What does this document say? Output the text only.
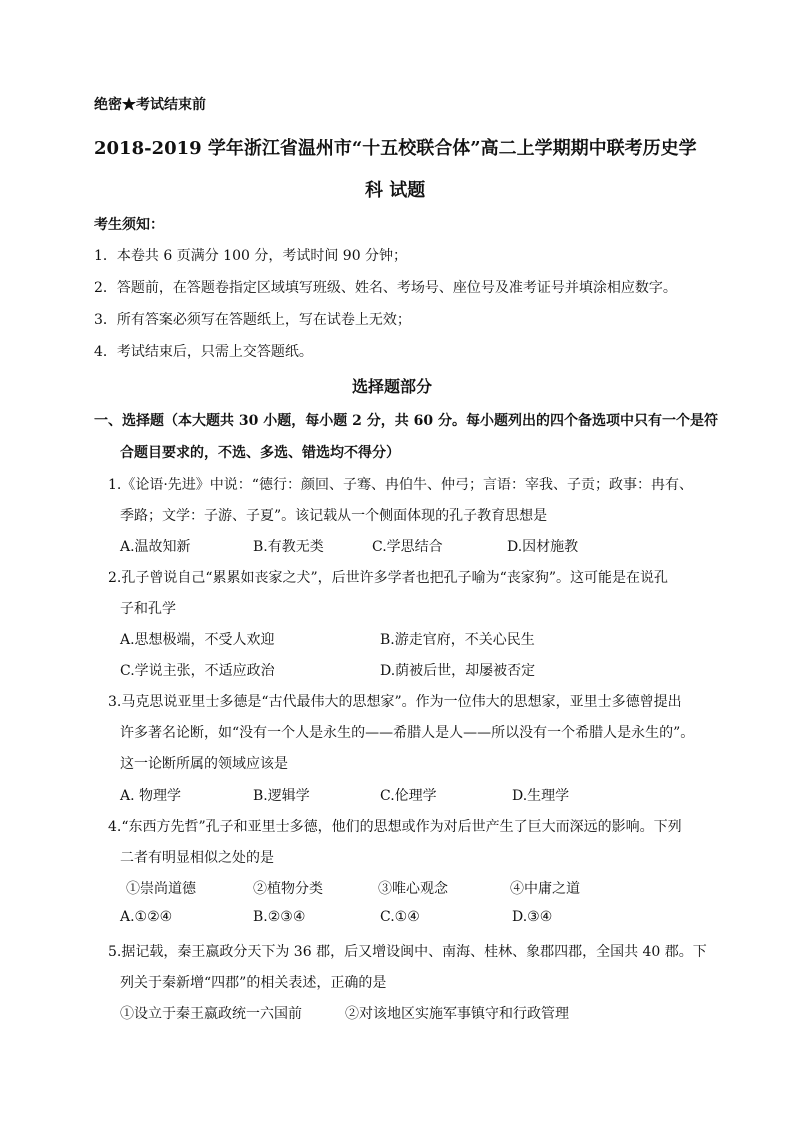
绝密★考试结束前
2018-2019 学年浙江省温州市“十五校联合体”高二上学期期中联考历史学
科 试题
考生须知：
1．本卷共 6 页满分 100 分，考试时间 90 分钟；
2．答题前，在答题卷指定区域填写班级、姓名、考场号、座位号及准考证号并填涂相应数字。
3．所有答案必须写在答题纸上，写在试卷上无效；
4．考试结束后，只需上交答题纸。
选择题部分
一、选择题（本大题共 30 小题，每小题 2 分，共 60 分。每小题列出的四个备选项中只有一个是符
合题目要求的，不选、多选、错选均不得分）
1.《论语·先进》中说：“德行：颜回、子骞、冉伯牛、仲弓；言语：宰我、子贡；政事：冉有、
季路；文学：子游、子夏”。该记载从一个侧面体现的孔子教育思想是
A.温故知新	B.有教无类	C.学思结合	D.因材施教
2.孔子曾说自己“累累如丧家之犬”，后世许多学者也把孔子喻为“丧家狗”。这可能是在说孔
子和孔学
A.思想极端，不受人欢迎	B.游走官府，不关心民生
C.学说主张，不适应政治	D.荫被后世，却屡被否定
3.马克思说亚里士多德是“古代最伟大的思想家”。作为一位伟大的思想家，亚里士多德曾提出
许多著名论断，如“没有一个人是永生的——希腊人是人——所以没有一个希腊人是永生的”。
这一论断所属的领域应该是
A. 物理学	B.逻辑学	C.伦理学	D.生理学
4.“东西方先哲”孔子和亚里士多德，他们的思想或作为对后世产生了巨大而深远的影响。下列
二者有明显相似之处的是
①崇尚道德	②植物分类	③唯心观念	④中庸之道
A.①②④	B.②③④	C.①④	D.③④
5.据记载，秦王嬴政分天下为 36 郡，后又增设闽中、南海、桂林、象郡四郡，全国共 40 郡。下
列关于秦新增“四郡”的相关表述，正确的是
①设立于秦王嬴政统一六国前	②对该地区实施军事镇守和行政管理
